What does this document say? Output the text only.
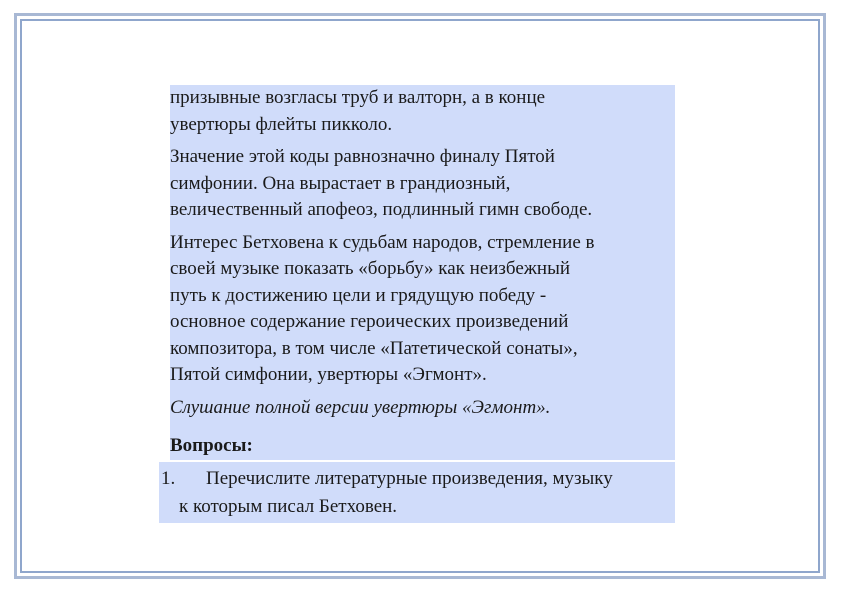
призывные возгласы труб и валторн, а в конце
увертюры флейты пикколо.
Значение этой коды равнозначно финалу Пятой
симфонии. Она вырастает в грандиозный,
величественный апофеоз, подлинный гимн свободе.
Интерес Бетховена к судьбам народов, стремление в
своей музыке показать «борьбу» как неизбежный
путь к достижению цели и грядущую победу -
основное содержание героических произведений
композитора, в том числе «Патетической сонаты»,
Пятой симфонии, увертюры «Эгмонт».
Слушание полной версии увертюры «Эгмонт».
Вопросы:
1.	Перечислите литературные произведения, музыку
к которым писал Бетховен.
